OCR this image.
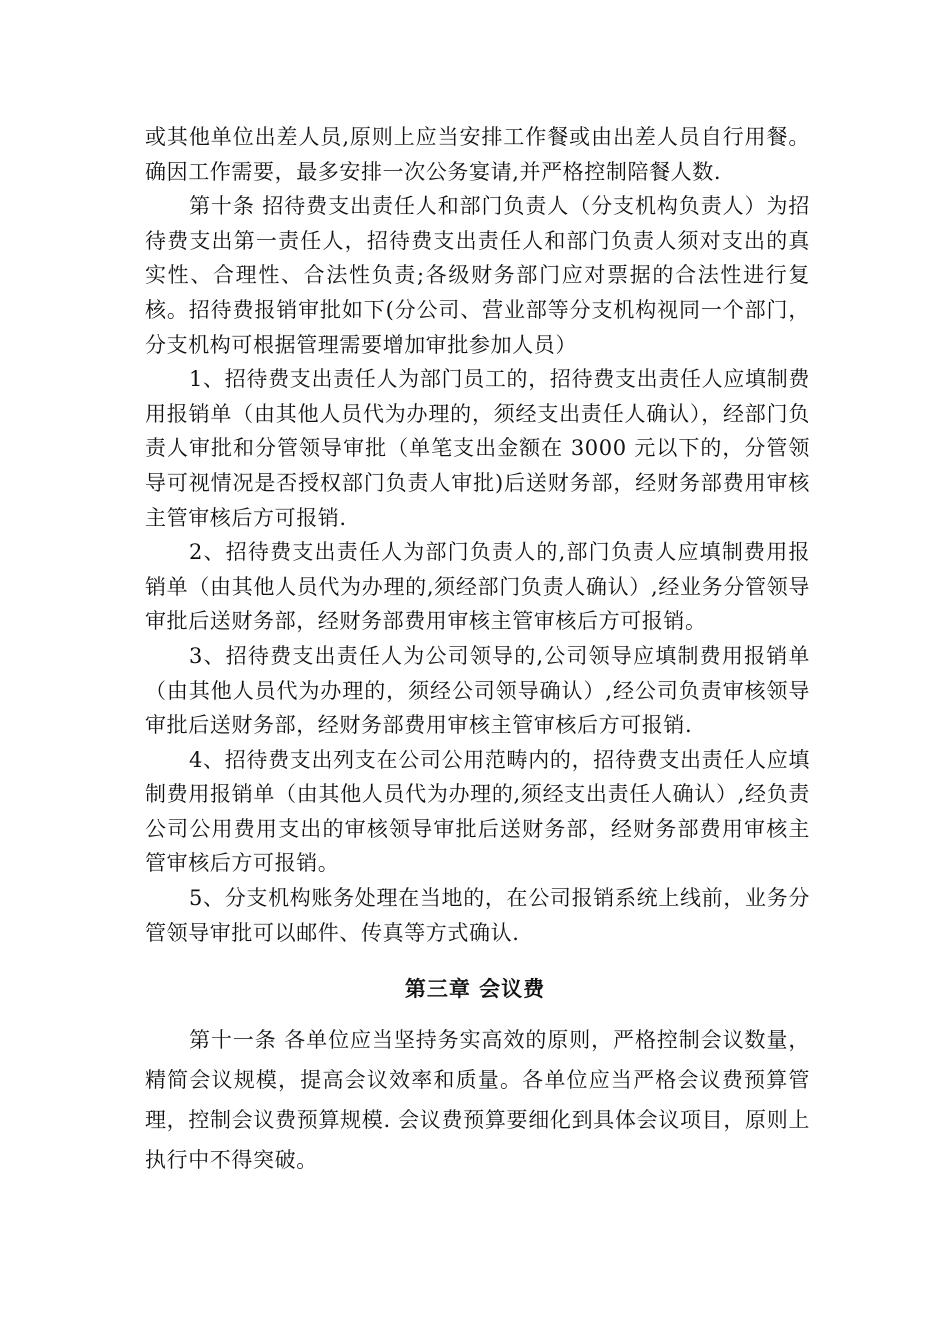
或其他单位出差人员,原则上应当安排工作餐或由出差人员自行用餐。确因工作需要，最多安排一次公务宴请,并严格控制陪餐人数.

第十条 招待费支出责任人和部门负责人（分支机构负责人）为招待费支出第一责任人，招待费支出责任人和部门负责人须对支出的真实性、合理性、合法性负责;各级财务部门应对票据的合法性进行复核。招待费报销审批如下(分公司、营业部等分支机构视同一个部门，分支机构可根据管理需要增加审批参加人员）

1、招待费支出责任人为部门员工的，招待费支出责任人应填制费用报销单（由其他人员代为办理的，须经支出责任人确认），经部门负责人审批和分管领导审批（单笔支出金额在 3000 元以下的，分管领导可视情况是否授权部门负责人审批)后送财务部，经财务部费用审核主管审核后方可报销.

2、招待费支出责任人为部门负责人的,部门负责人应填制费用报销单（由其他人员代为办理的,须经部门负责人确认）,经业务分管领导审批后送财务部，经财务部费用审核主管审核后方可报销。

3、招待费支出责任人为公司领导的,公司领导应填制费用报销单（由其他人员代为办理的，须经公司领导确认）,经公司负责审核领导审批后送财务部，经财务部费用审核主管审核后方可报销.

4、招待费支出列支在公司公用范畴内的，招待费支出责任人应填制费用报销单（由其他人员代为办理的,须经支出责任人确认）,经负责公司公用费用支出的审核领导审批后送财务部，经财务部费用审核主管审核后方可报销。

5、分支机构账务处理在当地的，在公司报销系统上线前，业务分管领导审批可以邮件、传真等方式确认.

第三章 会议费

第十一条 各单位应当坚持务实高效的原则，严格控制会议数量，精简会议规模，提高会议效率和质量。各单位应当严格会议费预算管理，控制会议费预算规模. 会议费预算要细化到具体会议项目，原则上执行中不得突破。
